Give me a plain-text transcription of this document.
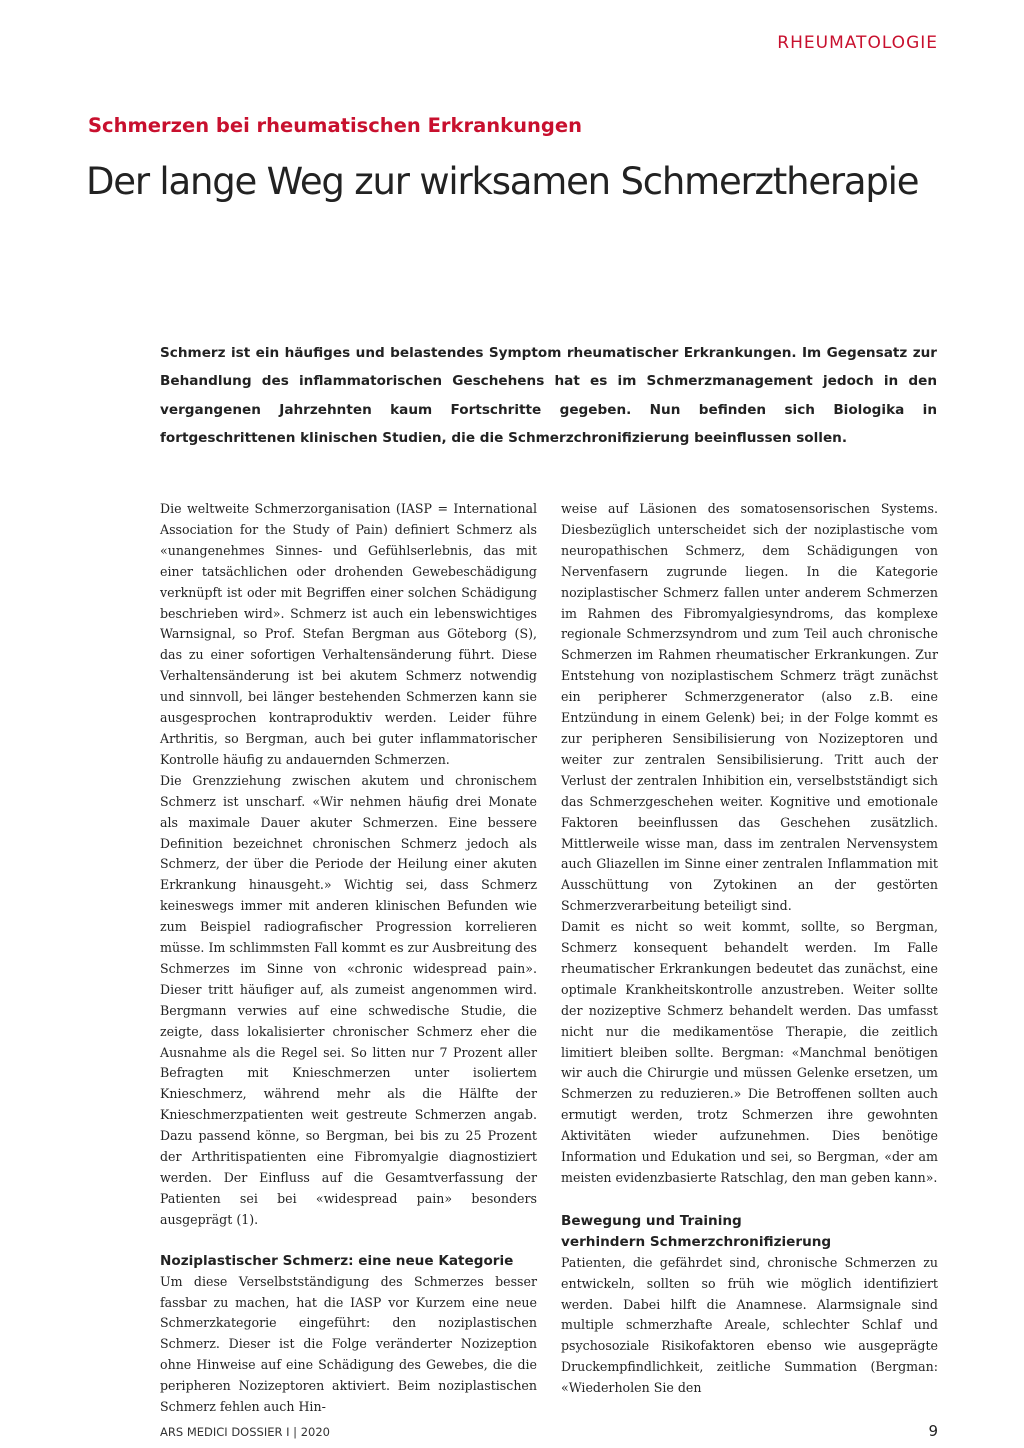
RHEUMATOLOGIE
Schmerzen bei rheumatischen Erkrankungen
Der lange Weg zur wirksamen Schmerztherapie
Schmerz ist ein häufiges und belastendes Symptom rheumatischer Erkrankungen. Im Gegensatz zur Behandlung des inflammatorischen Geschehens hat es im Schmerzmanagement jedoch in den vergangenen Jahrzehnten kaum Fortschritte gegeben. Nun befinden sich Biologika in fortgeschrittenen klinischen Studien, die die Schmerzchronifizierung beeinflussen sollen.

Die weltweite Schmerzorganisation (IASP = International Association for the Study of Pain) definiert Schmerz als «unangenehmes Sinnes- und Gefühlserlebnis, das mit einer tatsächlichen oder drohenden Gewebeschädigung verknüpft ist oder mit Begriffen einer solchen Schädigung beschrieben wird». Schmerz ist auch ein lebenswichtiges Warnsignal, so Prof. Stefan Bergman aus Göteborg (S), das zu einer sofortigen Verhaltensänderung führt. Diese Verhaltensänderung ist bei akutem Schmerz notwendig und sinnvoll, bei länger bestehenden Schmerzen kann sie ausgesprochen kontraproduktiv werden. Leider führe Arthritis, so Bergman, auch bei guter inflammatorischer Kontrolle häufig zu andauernden Schmerzen.

Die Grenzziehung zwischen akutem und chronischem Schmerz ist unscharf. «Wir nehmen häufig drei Monate als maximale Dauer akuter Schmerzen. Eine bessere Definition bezeichnet chronischen Schmerz jedoch als Schmerz, der über die Periode der Heilung einer akuten Erkrankung hinausgeht.» Wichtig sei, dass Schmerz keineswegs immer mit anderen klinischen Befunden wie zum Beispiel radiografischer Progression korrelieren müsse. Im schlimmsten Fall kommt es zur Ausbreitung des Schmerzes im Sinne von «chronic widespread pain». Dieser tritt häufiger auf, als zumeist angenommen wird. Bergmann verwies auf eine schwedische Studie, die zeigte, dass lokalisierter chronischer Schmerz eher die Ausnahme als die Regel sei. So litten nur 7 Prozent aller Befragten mit Knieschmerzen unter isoliertem Knieschmerz, während mehr als die Hälfte der Knieschmerzpatienten weit gestreute Schmerzen angab. Dazu passend könne, so Bergman, bei bis zu 25 Prozent der Arthritispatienten eine Fibromyalgie diagnostiziert werden. Der Einfluss auf die Gesamtverfassung der Patienten sei bei «widespread pain» besonders ausgeprägt (1).

Noziplastischer Schmerz: eine neue Kategorie

Um diese Verselbstständigung des Schmerzes besser fassbar zu machen, hat die IASP vor Kurzem eine neue Schmerzkategorie eingeführt: den noziplastischen Schmerz. Dieser ist die Folge veränderter Nozizeption ohne Hinweise auf eine Schädigung des Gewebes, die die peripheren Nozizeptoren aktiviert. Beim noziplastischen Schmerz fehlen auch Hin-

weise auf Läsionen des somatosensorischen Systems. Diesbezüglich unterscheidet sich der noziplastische vom neuropathischen Schmerz, dem Schädigungen von Nervenfasern zugrunde liegen. In die Kategorie noziplastischer Schmerz fallen unter anderem Schmerzen im Rahmen des Fibromyalgiesyndroms, das komplexe regionale Schmerzsyndrom und zum Teil auch chronische Schmerzen im Rahmen rheumatischer Erkrankungen. Zur Entstehung von noziplastischem Schmerz trägt zunächst ein peripherer Schmerzgenerator (also z.B. eine Entzündung in einem Gelenk) bei; in der Folge kommt es zur peripheren Sensibilisierung von Nozizeptoren und weiter zur zentralen Sensibilisierung. Tritt auch der Verlust der zentralen Inhibition ein, verselbstständigt sich das Schmerzgeschehen weiter. Kognitive und emotionale Faktoren beeinflussen das Geschehen zusätzlich. Mittlerweile wisse man, dass im zentralen Nervensystem auch Gliazellen im Sinne einer zentralen Inflammation mit Ausschüttung von Zytokinen an der gestörten Schmerzverarbeitung beteiligt sind.

Damit es nicht so weit kommt, sollte, so Bergman, Schmerz konsequent behandelt werden. Im Falle rheumatischer Erkrankungen bedeutet das zunächst, eine optimale Krankheitskontrolle anzustreben. Weiter sollte der nozizeptive Schmerz behandelt werden. Das umfasst nicht nur die medikamentöse Therapie, die zeitlich limitiert bleiben sollte. Bergman: «Manchmal benötigen wir auch die Chirurgie und müssen Gelenke ersetzen, um Schmerzen zu reduzieren.» Die Betroffenen sollten auch ermutigt werden, trotz Schmerzen ihre gewohnten Aktivitäten wieder aufzunehmen. Dies benötige Information und Edukation und sei, so Bergman, «der am meisten evidenzbasierte Ratschlag, den man geben kann».

Bewegung und Training
verhindern Schmerzchronifizierung

Patienten, die gefährdet sind, chronische Schmerzen zu entwickeln, sollten so früh wie möglich identifiziert werden. Dabei hilft die Anamnese. Alarmsignale sind multiple schmerzhafte Areale, schlechter Schlaf und psychosoziale Risikofaktoren ebenso wie ausgeprägte Druckempfindlichkeit, zeitliche Summation (Bergman: «Wiederholen Sie den

ARS MEDICI DOSSIER I | 2020	9
